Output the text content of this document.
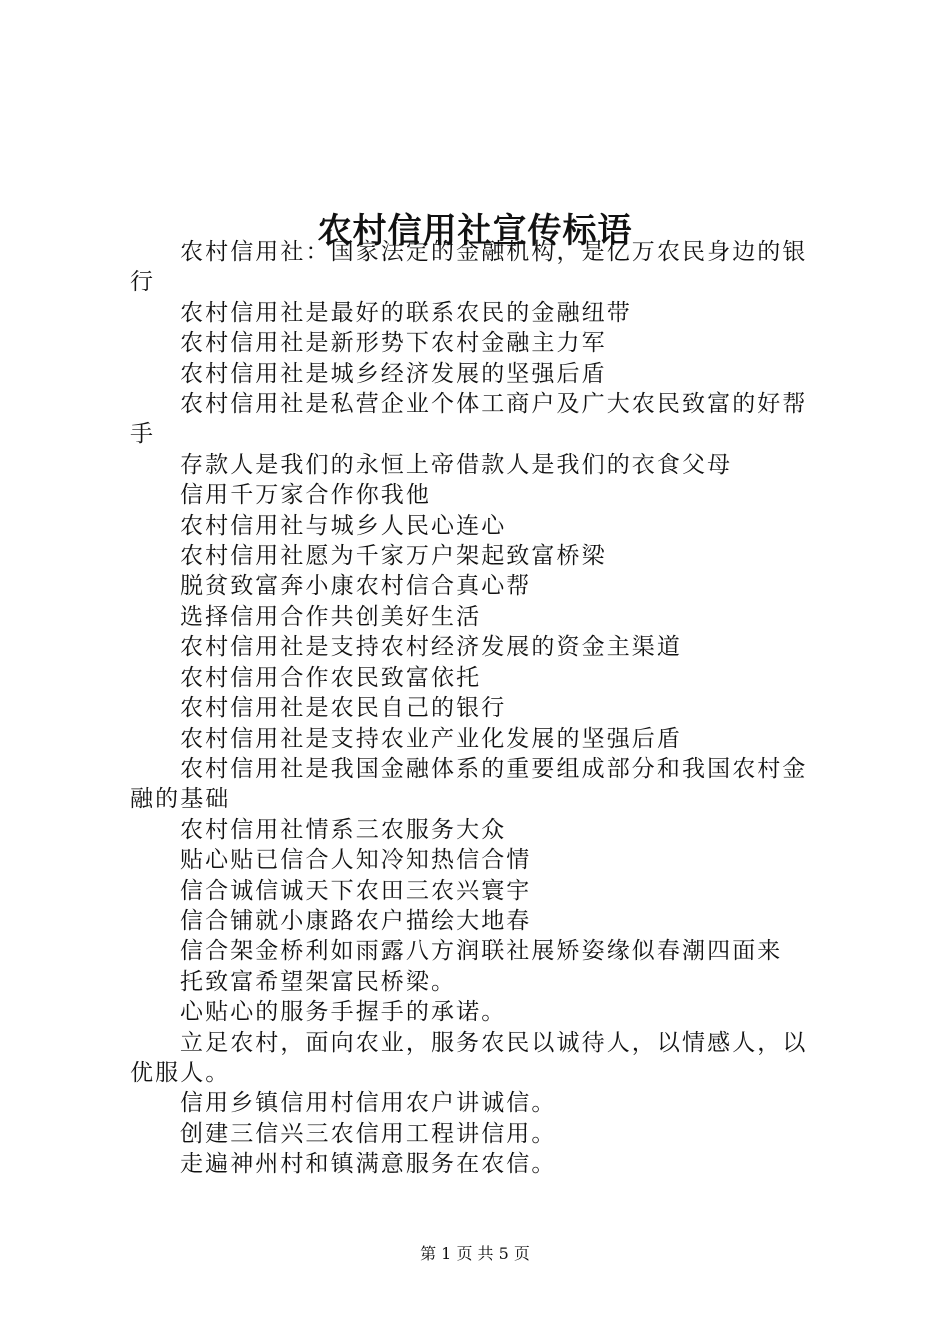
农村信用社宣传标语

农村信用社：国家法定的金融机构，是亿万农民身边的银行

农村信用社是最好的联系农民的金融纽带

农村信用社是新形势下农村金融主力军

农村信用社是城乡经济发展的坚强后盾

农村信用社是私营企业个体工商户及广大农民致富的好帮手

存款人是我们的永恒上帝借款人是我们的衣食父母

信用千万家合作你我他

农村信用社与城乡人民心连心

农村信用社愿为千家万户架起致富桥梁

脱贫致富奔小康农村信合真心帮

选择信用合作共创美好生活

农村信用社是支持农村经济发展的资金主渠道

农村信用合作农民致富依托

农村信用社是农民自己的银行

农村信用社是支持农业产业化发展的坚强后盾

农村信用社是我国金融体系的重要组成部分和我国农村金融的基础

农村信用社情系三农服务大众

贴心贴已信合人知冷知热信合情

信合诚信诚天下农田三农兴寰宇

信合铺就小康路农户描绘大地春

信合架金桥利如雨露八方润联社展矫姿缘似春潮四面来

托致富希望架富民桥梁。

心贴心的服务手握手的承诺。

立足农村，面向农业，服务农民以诚待人，以情感人，以优服人。

信用乡镇信用村信用农户讲诚信。

创建三信兴三农信用工程讲信用。

走遍神州村和镇满意服务在农信。

第 1 页 共 5 页
